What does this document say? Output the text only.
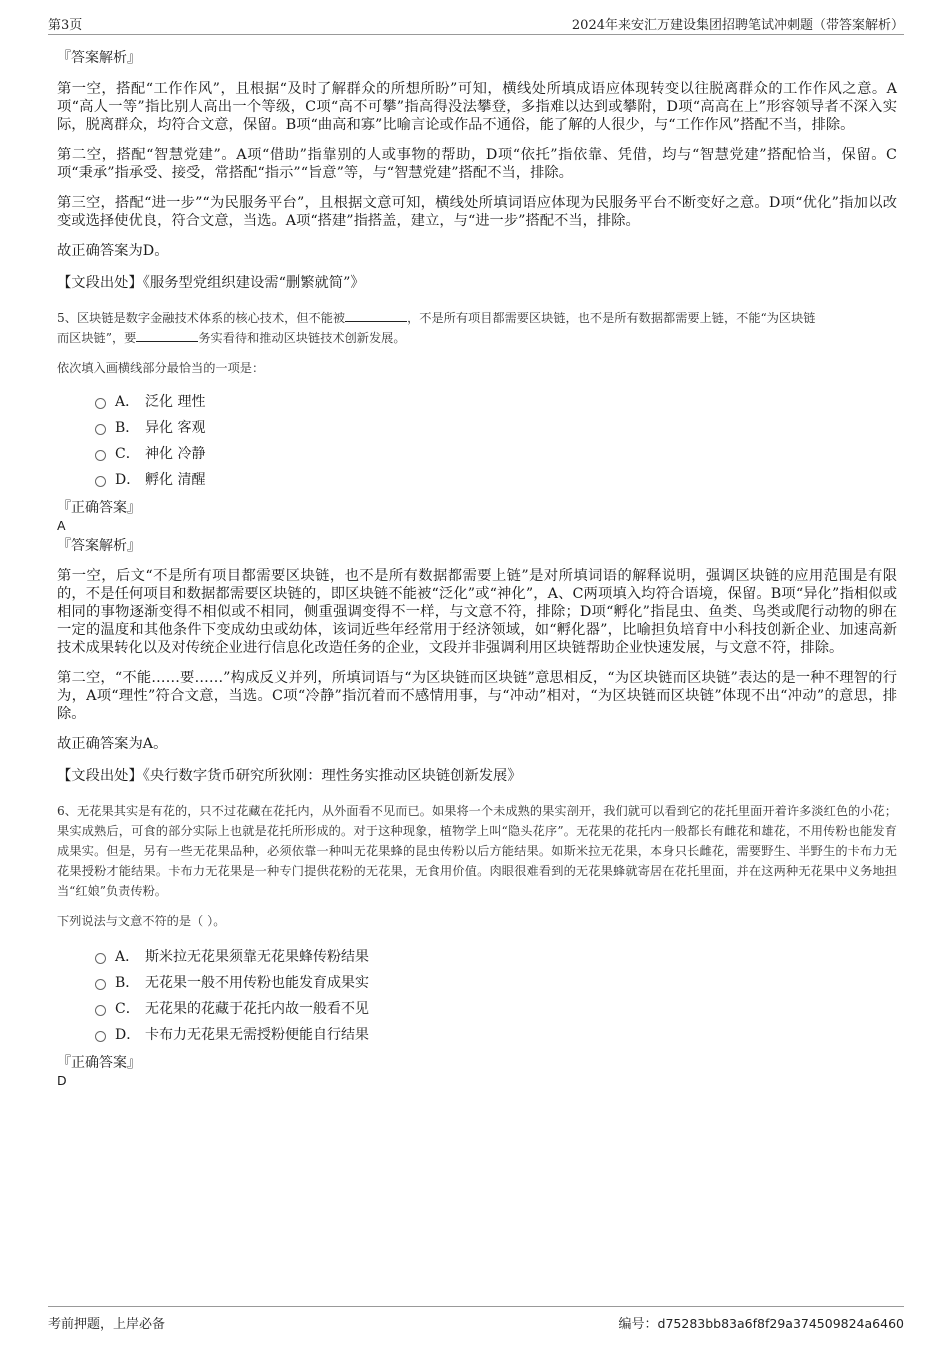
第3页	2024年来安汇万建设集团招聘笔试冲刺题（带答案解析）

『答案解析』

第一空，搭配“工作作风”，且根据“及时了解群众的所想所盼”可知，横线处所填成语应体现转变以往脱离群众的工作作风之意。A项“高人一等”指比别人高出一个等级，C项“高不可攀”指高得没法攀登，多指难以达到或攀附，D项“高高在上”形容领导者不深入实际，脱离群众，均符合文意，保留。B项“曲高和寡”比喻言论或作品不通俗，能了解的人很少，与“工作作风”搭配不当，排除。

第二空，搭配“智慧党建”。A项“借助”指靠别的人或事物的帮助，D项“依托”指依靠、凭借，均与“智慧党建”搭配恰当，保留。C项“秉承”指承受、接受，常搭配“指示”“旨意”等，与“智慧党建”搭配不当，排除。

第三空，搭配“进一步”“为民服务平台”，且根据文意可知，横线处所填词语应体现为民服务平台不断变好之意。D项“优化”指加以改变或选择使优良，符合文意，当选。A项“搭建”指搭盖，建立，与“进一步”搭配不当，排除。

故正确答案为D。

【文段出处】《服务型党组织建设需“删繁就简”》

5、区块链是数字金融技术体系的核心技术，但不能被	，不是所有项目都需要区块链，也不是所有数据都需要上链，不能“为区块链
而区块链”，要	务实看待和推动区块链技术创新发展。

依次填入画横线部分最恰当的一项是：

A． 泛化 理性
B． 异化 客观
C． 神化 冷静
D． 孵化 清醒

『正确答案』

A

『答案解析』

第一空，后文“不是所有项目都需要区块链，也不是所有数据都需要上链”是对所填词语的解释说明，强调区块链的应用范围是有限的，不是任何项目和数据都需要区块链的，即区块链不能被“泛化”或“神化”，A、C两项填入均符合语境，保留。B项“异化”指相似或相同的事物逐渐变得不相似或不相同，侧重强调变得不一样，与文意不符，排除；D项“孵化”指昆虫、鱼类、鸟类或爬行动物的卵在一定的温度和其他条件下变成幼虫或幼体，该词近些年经常用于经济领域，如“孵化器”，比喻担负培育中小科技创新企业、加速高新技术成果转化以及对传统企业进行信息化改造任务的企业，文段并非强调利用区块链帮助企业快速发展，与文意不符，排除。

第二空，“不能……要……”构成反义并列，所填词语与“为区块链而区块链”意思相反，“为区块链而区块链”表达的是一种不理智的行为，A项“理性”符合文意，当选。C项“冷静”指沉着而不感情用事，与“冲动”相对，“为区块链而区块链”体现不出“冲动”的意思，排除。

故正确答案为A。

【文段出处】《央行数字货币研究所狄刚：理性务实推动区块链创新发展》

6、无花果其实是有花的，只不过花藏在花托内，从外面看不见而已。如果将一个未成熟的果实剖开，我们就可以看到它的花托里面开着许多淡红色的小花；果实成熟后，可食的部分实际上也就是花托所形成的。对于这种现象，植物学上叫“隐头花序”。无花果的花托内一般都长有雌花和雄花，不用传粉也能发育成果实。但是，另有一些无花果品种，必须依靠一种叫无花果蜂的昆虫传粉以后方能结果。如斯米拉无花果，本身只长雌花，需要野生、半野生的卡布力无花果授粉才能结果。卡布力无花果是一种专门提供花粉的无花果，无食用价值。肉眼很难看到的无花果蜂就寄居在花托里面，并在这两种无花果中义务地担当“红娘”负责传粉。

下列说法与文意不符的是（ ）。

A． 斯米拉无花果须靠无花果蜂传粉结果
B． 无花果一般不用传粉也能发育成果实
C． 无花果的花藏于花托内故一般看不见
D． 卡布力无花果无需授粉便能自行结果

『正确答案』

D

考前押题，上岸必备	编号：d75283bb83a6f8f29a374509824a6460
